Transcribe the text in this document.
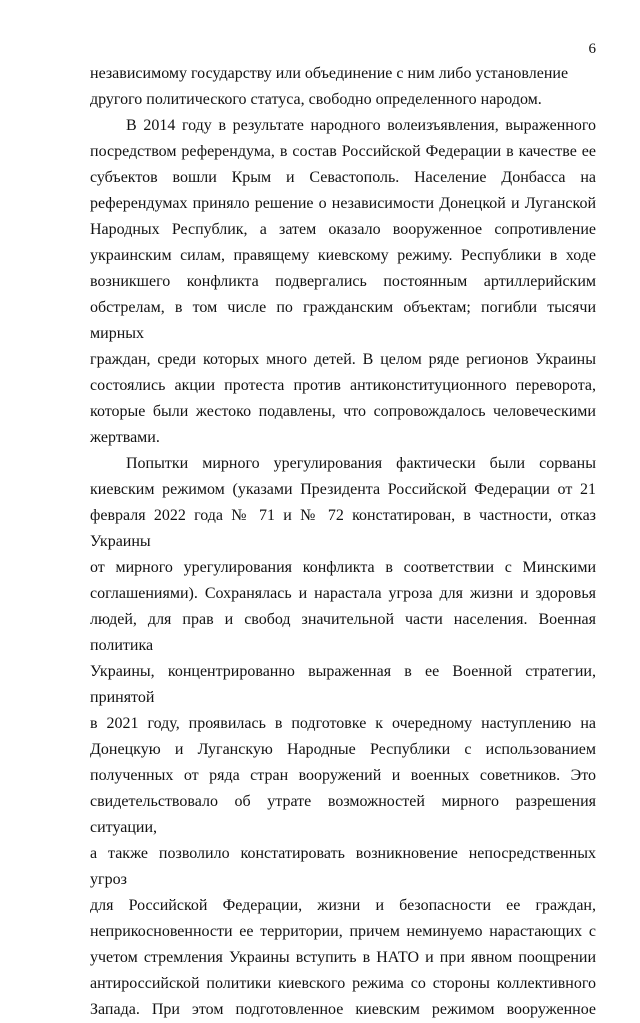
6
независимому государству или объединение с ним либо установление
другого политического статуса, свободно определенного народом.
В 2014 году в результате народного волеизъявления, выраженного
посредством референдума, в состав Российской Федерации в качестве ее
субъектов вошли Крым и Севастополь. Население Донбасса на
референдумах приняло решение о независимости Донецкой и Луганской
Народных Республик, а затем оказало вооруженное сопротивление
украинским силам, правящему киевскому режиму. Республики в ходе
возникшего конфликта подвергались постоянным артиллерийским
обстрелам, в том числе по гражданским объектам; погибли тысячи мирных
граждан, среди которых много детей. В целом ряде регионов Украины
состоялись акции протеста против антиконституционного переворота,
которые были жестоко подавлены, что сопровождалось человеческими
жертвами.
Попытки мирного урегулирования фактически были сорваны
киевским режимом (указами Президента Российской Федерации от 21
февраля 2022 года № 71 и № 72 констатирован, в частности, отказ Украины
от мирного урегулирования конфликта в соответствии с Минскими
соглашениями). Сохранялась и нарастала угроза для жизни и здоровья
людей, для прав и свобод значительной части населения. Военная политика
Украины, концентрированно выраженная в ее Военной стратегии, принятой
в 2021 году, проявилась в подготовке к очередному наступлению на
Донецкую и Луганскую Народные Республики с использованием
полученных от ряда стран вооружений и военных советников. Это
свидетельствовало об утрате возможностей мирного разрешения ситуации,
а также позволило констатировать возникновение непосредственных угроз
для Российской Федерации, жизни и безопасности ее граждан,
неприкосновенности ее территории, причем неминуемо нарастающих с
учетом стремления Украины вступить в НАТО и при явном поощрении
антироссийской политики киевского режима со стороны коллективного
Запада. При этом подготовленное киевским режимом вооруженное
